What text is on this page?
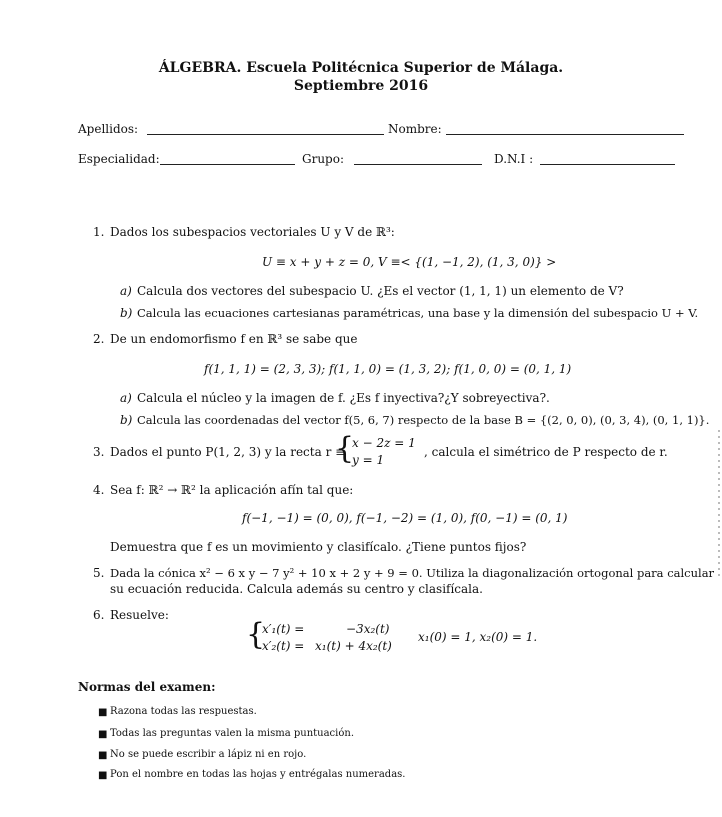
ÁLGEBRA. Escuela Politécnica Superior de Málaga.
Septiembre 2016
Apellidos:	Nombre:
Especialidad:	Grupo:	D.N.I :
1. Dados los subespacios vectoriales U y V de ℝ³:
U ≡ x + y + z = 0, V ≡< {(1, −1, 2), (1, 3, 0)} >
a) Calcula dos vectores del subespacio U. ¿Es el vector (1, 1, 1) un elemento de V?
b) Calcula las ecuaciones cartesianas paramétricas, una base y la dimensión del subespacio U + V.
2. De un endomorfismo f en ℝ³ se sabe que
f(1, 1, 1) = (2, 3, 3); f(1, 1, 0) = (1, 3, 2); f(1, 0, 0) = (0, 1, 1)
a) Calcula el núcleo y la imagen de f. ¿Es f inyectiva?¿Y sobreyectiva?.
b) Calcula las coordenadas del vector f(5, 6, 7) respecto de la base B = {(2, 0, 0), (0, 3, 4), (0, 1, 1)}.
3. Dados el punto P(1, 2, 3) y la recta r ≡
{
x − 2z = 1
y = 1
, calcula el simétrico de P respecto de r.
4. Sea f: ℝ² → ℝ² la aplicación afín tal que:
f(−1, −1) = (0, 0), f(−1, −2) = (1, 0), f(0, −1) = (0, 1)
Demuestra que f es un movimiento y clasifícalo. ¿Tiene puntos fijos?
5. Dada la cónica x² − 6 x y − 7 y² + 10 x + 2 y + 9 = 0. Utiliza la diagonalización ortogonal para calcular
su ecuación reducida. Calcula además su centro y clasifícala.
6. Resuelve:
{
x′₁(t) =	−3x₂(t)
x′₂(t) = x₁(t) + 4x₂(t)
x₁(0) = 1, x₂(0) = 1.
Normas del examen:
■ Razona todas las respuestas.
■ Todas las preguntas valen la misma puntuación.
■ No se puede escribir a lápiz ni en rojo.
■ Pon el nombre en todas las hojas y entrégalas numeradas.
